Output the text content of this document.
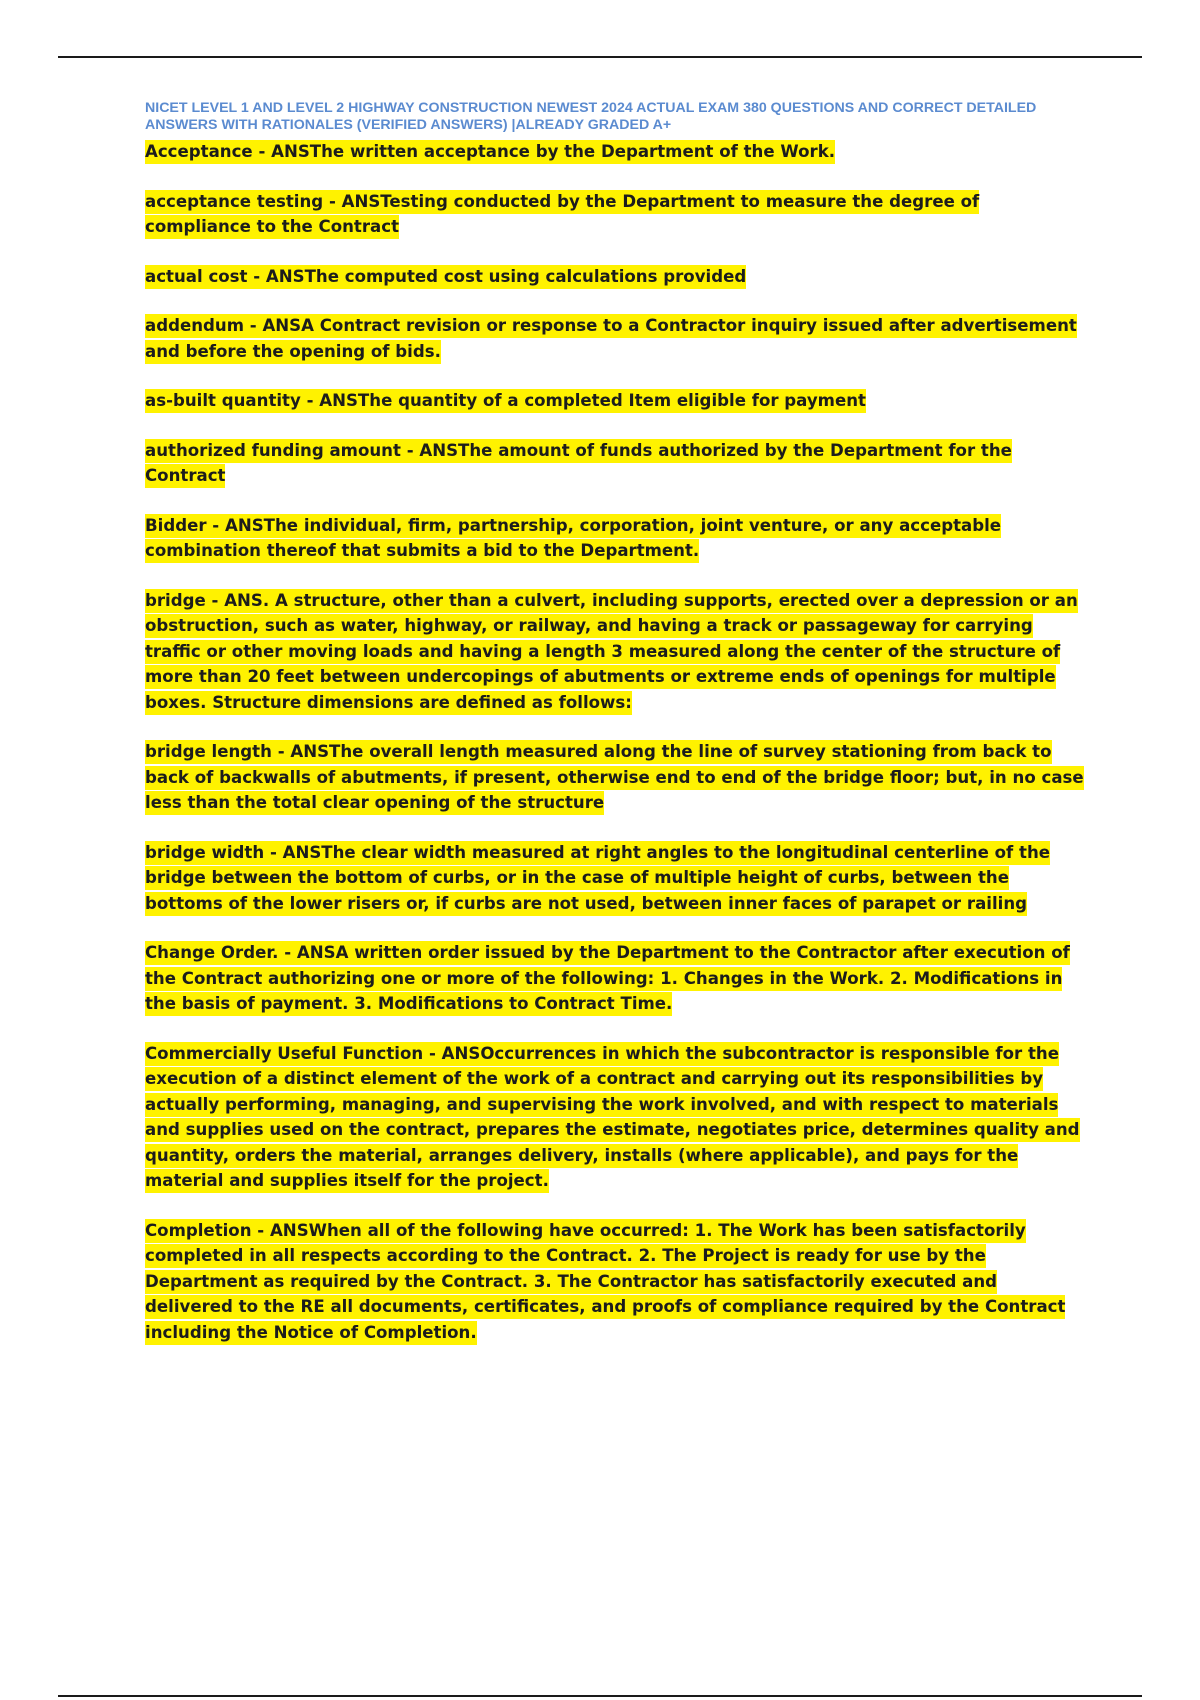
NICET LEVEL 1 AND LEVEL 2 HIGHWAY CONSTRUCTION NEWEST 2024 ACTUAL EXAM 380 QUESTIONS AND CORRECT DETAILED ANSWERS WITH RATIONALES (VERIFIED ANSWERS) |ALREADY GRADED A+

Acceptance - ANSThe written acceptance by the Department of the Work.

acceptance testing - ANSTesting conducted by the Department to measure the degree of compliance to the Contract

actual cost - ANSThe computed cost using calculations provided

addendum - ANSA Contract revision or response to a Contractor inquiry issued after advertisement and before the opening of bids.

as-built quantity - ANSThe quantity of a completed Item eligible for payment

authorized funding amount - ANSThe amount of funds authorized by the Department for the Contract

Bidder - ANSThe individual, firm, partnership, corporation, joint venture, or any acceptable combination thereof that submits a bid to the Department.

bridge - ANS. A structure, other than a culvert, including supports, erected over a depression or an obstruction, such as water, highway, or railway, and having a track or passageway for carrying traffic or other moving loads and having a length 3 measured along the center of the structure of more than 20 feet between undercopings of abutments or extreme ends of openings for multiple boxes. Structure dimensions are defined as follows:

bridge length - ANSThe overall length measured along the line of survey stationing from back to back of backwalls of abutments, if present, otherwise end to end of the bridge floor; but, in no case less than the total clear opening of the structure

bridge width - ANSThe clear width measured at right angles to the longitudinal centerline of the bridge between the bottom of curbs, or in the case of multiple height of curbs, between the bottoms of the lower risers or, if curbs are not used, between inner faces of parapet or railing

Change Order. - ANSA written order issued by the Department to the Contractor after execution of the Contract authorizing one or more of the following: 1. Changes in the Work. 2. Modifications in the basis of payment. 3. Modifications to Contract Time.

Commercially Useful Function - ANSOccurrences in which the subcontractor is responsible for the execution of a distinct element of the work of a contract and carrying out its responsibilities by actually performing, managing, and supervising the work involved, and with respect to materials and supplies used on the contract, prepares the estimate, negotiates price, determines quality and quantity, orders the material, arranges delivery, installs (where applicable), and pays for the material and supplies itself for the project.

Completion - ANSWhen all of the following have occurred: 1. The Work has been satisfactorily completed in all respects according to the Contract. 2. The Project is ready for use by the Department as required by the Contract. 3. The Contractor has satisfactorily executed and delivered to the RE all documents, certificates, and proofs of compliance required by the Contract including the Notice of Completion.
